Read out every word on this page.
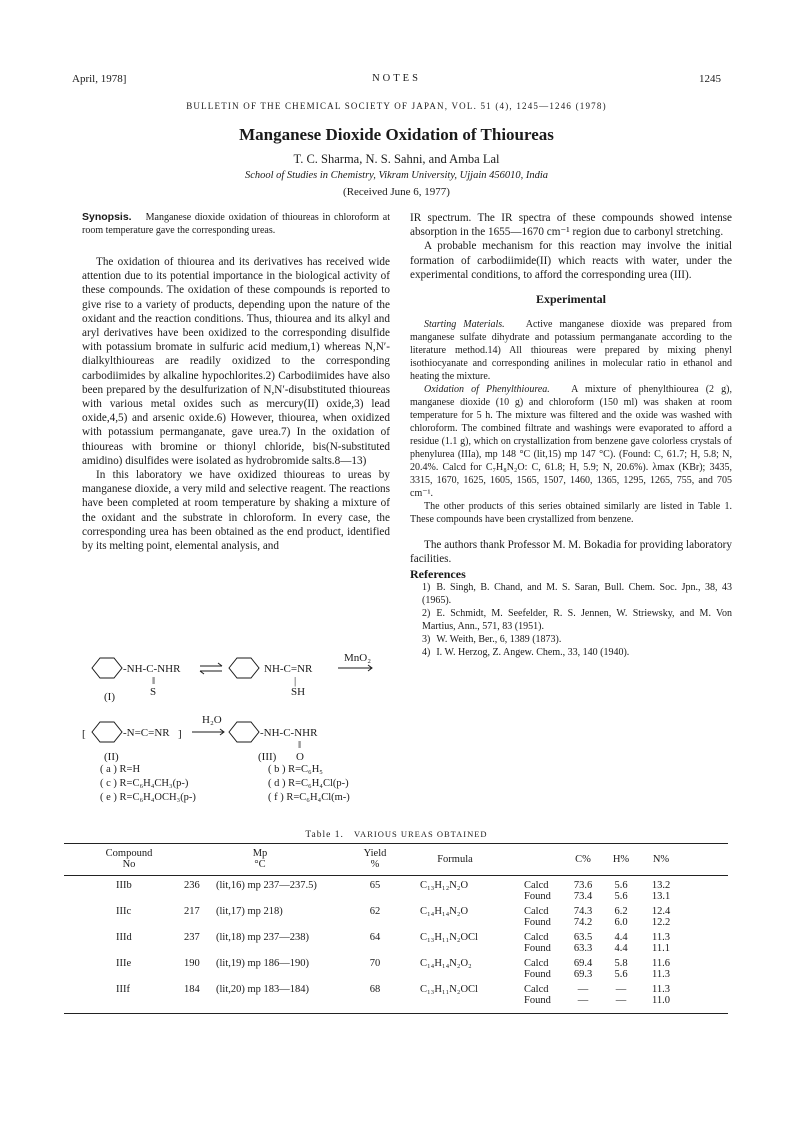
April, 1978]	NOTES	1245
BULLETIN OF THE CHEMICAL SOCIETY OF JAPAN, VOL. 51 (4), 1245—1246 (1978)
Manganese Dioxide Oxidation of Thioureas
T. C. Sharma, N. S. Sahni, and Amba Lal
School of Studies in Chemistry, Vikram University, Ujjain 456010, India
(Received June 6, 1977)

Synopsis. Manganese dioxide oxidation of thioureas in chloroform at room temperature gave the corresponding ureas.

The oxidation of thiourea and its derivatives has received wide attention due to its potential importance in the biological activity of these compounds. The oxidation of these compounds is reported to give rise to a variety of products, depending upon the nature of the oxidant and the reaction conditions. Thus, thiourea and its alkyl and aryl derivatives have been oxidized to the corresponding disulfide with potassium bromate in sulfuric acid medium,1) whereas N,N′-dialkylthioureas are readily oxidized to the corresponding carbodiimides by alkaline hypochlorites.2) Carbodiimides have also been prepared by the desulfurization of N,N′-disubstituted thioureas with various metal oxides such as mercury(II) oxide,3) lead oxide,4,5) and arsenic oxide.6) However, thiourea, when oxidized with potassium permanganate, gave urea.7) In the oxidation of thioureas with bromine or thionyl chloride, bis(N-substituted amidino) disulfides were isolated as hydrobromide salts.8—13)

In this laboratory we have oxidized thioureas to ureas by manganese dioxide, a very mild and selective reagent. The reactions have been completed at room temperature by shaking a mixture of the oxidant and the substrate in chloroform. In every case, the corresponding urea has been obtained as the end product, identified by its melting point, elemental analysis, and

-NH-C-NHR
‖
S
(I)
NH-C=NR
|
SH
MnO₂
[	-N=C=NR ]
H₂O
-NH-C-NHR
‖
O
(II)	(III)
( a ) R=H	( b ) R=C₆H₅
( c ) R=C₆H₄CH₃(p-)	( d ) R=C₆H₄Cl(p-)
( e ) R=C₆H₄OCH₃(p-)	( f ) R=C₆H₄Cl(m-)

IR spectrum. The IR spectra of these compounds showed intense absorption in the 1655—1670 cm⁻¹ region due to carbonyl stretching.

A probable mechanism for this reaction may involve the initial formation of carbodiimide(II) which reacts with water, under the experimental conditions, to afford the corresponding urea (III).

Experimental

Starting Materials. Active manganese dioxide was prepared from manganese sulfate dihydrate and potassium permanganate according to the literature method.14) All thioureas were prepared by mixing phenyl isothiocyanate and corresponding anilines in molecular ratio in ethanol and heating the mixture.

Oxidation of Phenylthiourea. A mixture of phenylthiourea (2 g), manganese dioxide (10 g) and chloroform (150 ml) was shaken at room temperature for 5 h. The mixture was filtered and the oxide was washed with chloroform. The combined filtrate and washings were evaporated to afford a residue (1.1 g), which on crystallization from benzene gave colorless crystals of phenylurea (IIIa), mp 148 °C (lit,15) mp 147 °C). (Found: C, 61.7; H, 5.8; N, 20.4%. Calcd for C₇H₈N₂O: C, 61.8; H, 5.9; N, 20.6%). λmax (KBr); 3435, 3315, 1670, 1625, 1605, 1565, 1507, 1460, 1365, 1295, 1265, 755, and 705 cm⁻¹.

The other products of this series obtained similarly are listed in Table 1. These compounds have been crystallized from benzene.

The authors thank Professor M. M. Bokadia for providing laboratory facilities.

References

1) B. Singh, B. Chand, and M. S. Saran, Bull. Chem. Soc. Jpn., 38, 43 (1965).

2) E. Schmidt, M. Seefelder, R. S. Jennen, W. Striewsky, and M. Von Martius, Ann., 571, 83 (1951).

3) W. Weith, Ber., 6, 1389 (1873).

4) I. W. Herzog, Z. Angew. Chem., 33, 140 (1940).

Table 1. VARIOUS UREAS OBTAINED
Compound
No
Mp
°C
Yield
%	Formula	C%	H%	N%
IIIb	236	(lit,16) mp 237—237.5)	65	C₁₃H₁₂N₂O	Calcd	73.6	5.6	13.2
Found	73.4	5.6	13.1
IIIc	217	(lit,17) mp 218)	62	C₁₄H₁₄N₂O	Calcd	74.3	6.2	12.4
Found	74.2	6.0	12.2
IIId	237	(lit,18) mp 237—238)	64	C₁₃H₁₁N₂OCl	Calcd	63.5	4.4	11.3
Found	63.3	4.4	11.1
IIIe	190	(lit,19) mp 186—190)	70	C₁₄H₁₄N₂O₂	Calcd	69.4	5.8	11.6
Found	69.3	5.6	11.3
IIIf	184	(lit,20) mp 183—184)	68	C₁₃H₁₁N₂OCl	Calcd	—	—	11.3
Found	—	—	11.0
